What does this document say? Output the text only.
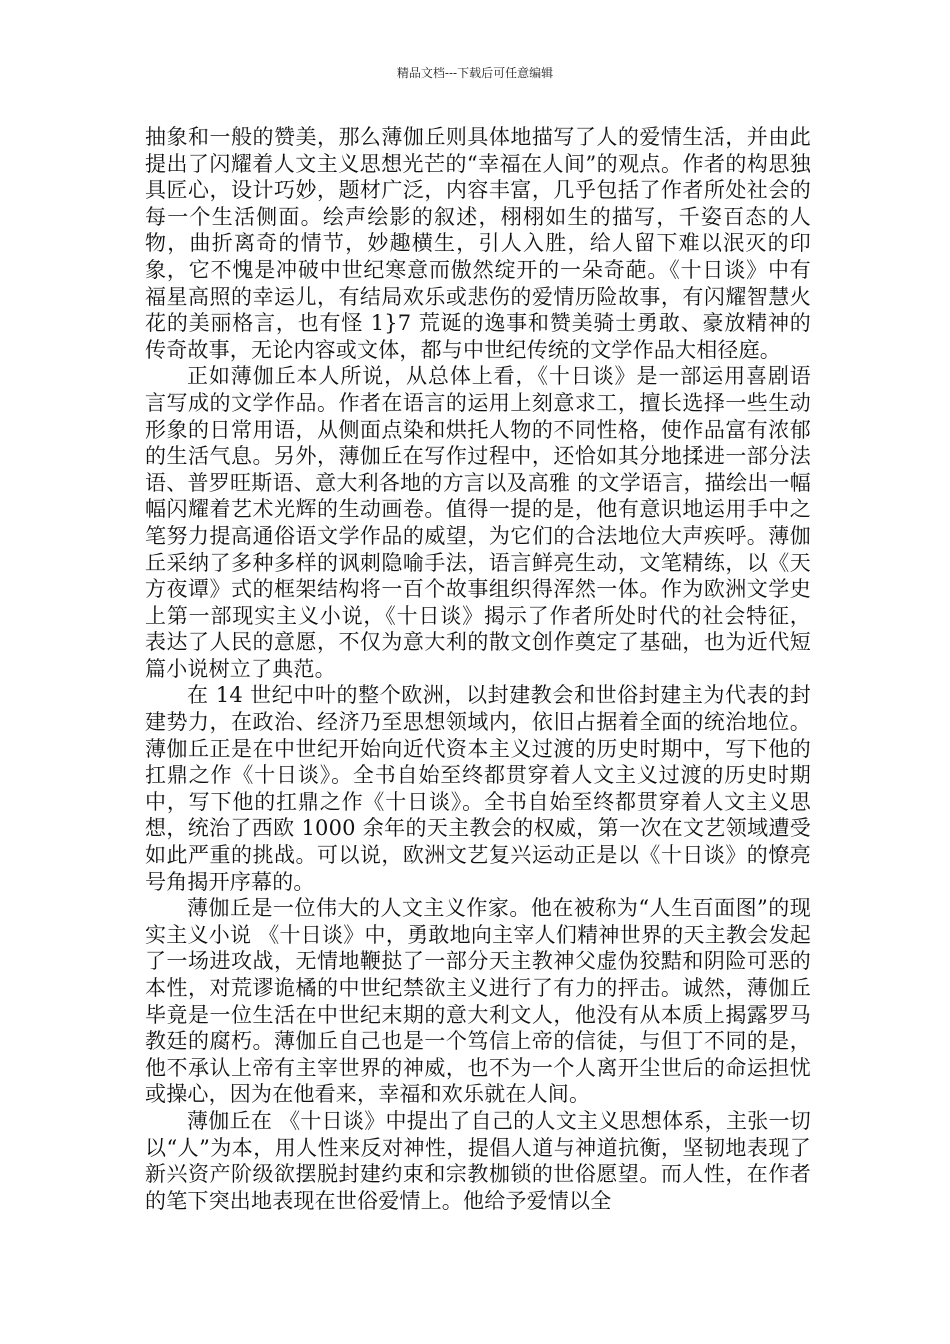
精品文档---下载后可任意编辑

抽象和一般的赞美，那么薄伽丘则具体地描写了人的爱情生活，并由此提出了闪耀着人文主义思想光芒的“幸福在人间”的观点。作者的构思独具匠心，设计巧妙，题材广泛，内容丰富，几乎包括了作者所处社会的每一个生活侧面。绘声绘影的叙述，栩栩如生的描写，千姿百态的人物，曲折离奇的情节，妙趣横生，引人入胜，给人留下难以泯灭的印象，它不愧是冲破中世纪寒意而傲然绽开的一朵奇葩。《十日谈》中有福星高照的幸运儿，有结局欢乐或悲伤的爱情历险故事，有闪耀智慧火花的美丽格言，也有怪 1}7 荒诞的逸事和赞美骑士勇敢、豪放精神的传奇故事，无论内容或文体，都与中世纪传统的文学作品大相径庭。

正如薄伽丘本人所说，从总体上看，《十日谈》是一部运用喜剧语言写成的文学作品。作者在语言的运用上刻意求工，擅长选择一些生动形象的日常用语，从侧面点染和烘托人物的不同性格，使作品富有浓郁的生活气息。另外，薄伽丘在写作过程中，还恰如其分地揉进一部分法语、普罗旺斯语、意大利各地的方言以及高雅 的文学语言，描绘出一幅幅闪耀着艺术光辉的生动画卷。值得一提的是，他有意识地运用手中之笔努力提高通俗语文学作品的威望，为它们的合法地位大声疾呼。薄伽丘采纳了多种多样的讽刺隐喻手法，语言鲜亮生动，文笔精练，以《天方夜谭》式的框架结构将一百个故事组织得浑然一体。作为欧洲文学史上第一部现实主义小说，《十日谈》揭示了作者所处时代的社会特征，表达了人民的意愿，不仅为意大利的散文创作奠定了基础，也为近代短篇小说树立了典范。

在 14 世纪中叶的整个欧洲，以封建教会和世俗封建主为代表的封建势力，在政治、经济乃至思想领域内，依旧占据着全面的统治地位。薄伽丘正是在中世纪开始向近代资本主义过渡的历史时期中，写下他的扛鼎之作《十日谈》。全书自始至终都贯穿着人文主义过渡的历史时期中，写下他的扛鼎之作《十日谈》。全书自始至终都贯穿着人文主义思想，统治了西欧 1000 余年的天主教会的权威，第一次在文艺领域遭受如此严重的挑战。可以说，欧洲文艺复兴运动正是以《十日谈》的憭亮号角揭开序幕的。

薄伽丘是一位伟大的人文主义作家。他在被称为“人生百面图”的现实主义小说 《十日谈》中，勇敢地向主宰人们精神世界的天主教会发起了一场进攻战，无情地鞭挞了一部分天主教神父虚伪狡黠和阴险可恶的本性，对荒谬诡橘的中世纪禁欲主义进行了有力的抨击。诚然，薄伽丘毕竟是一位生活在中世纪末期的意大利文人，他没有从本质上揭露罗马教廷的腐朽。薄伽丘自己也是一个笃信上帝的信徒，与但丁不同的是，他不承认上帝有主宰世界的神威，也不为一个人离开尘世后的命运担忧或操心，因为在他看来，幸福和欢乐就在人间。

薄伽丘在 《十日谈》中提出了自己的人文主义思想体系，主张一切以“人”为本，用人性来反对神性，提倡人道与神道抗衡，坚韧地表现了新兴资产阶级欲摆脱封建约束和宗教枷锁的世俗愿望。而人性，在作者的笔下突出地表现在世俗爱情上。他给予爱情以全
